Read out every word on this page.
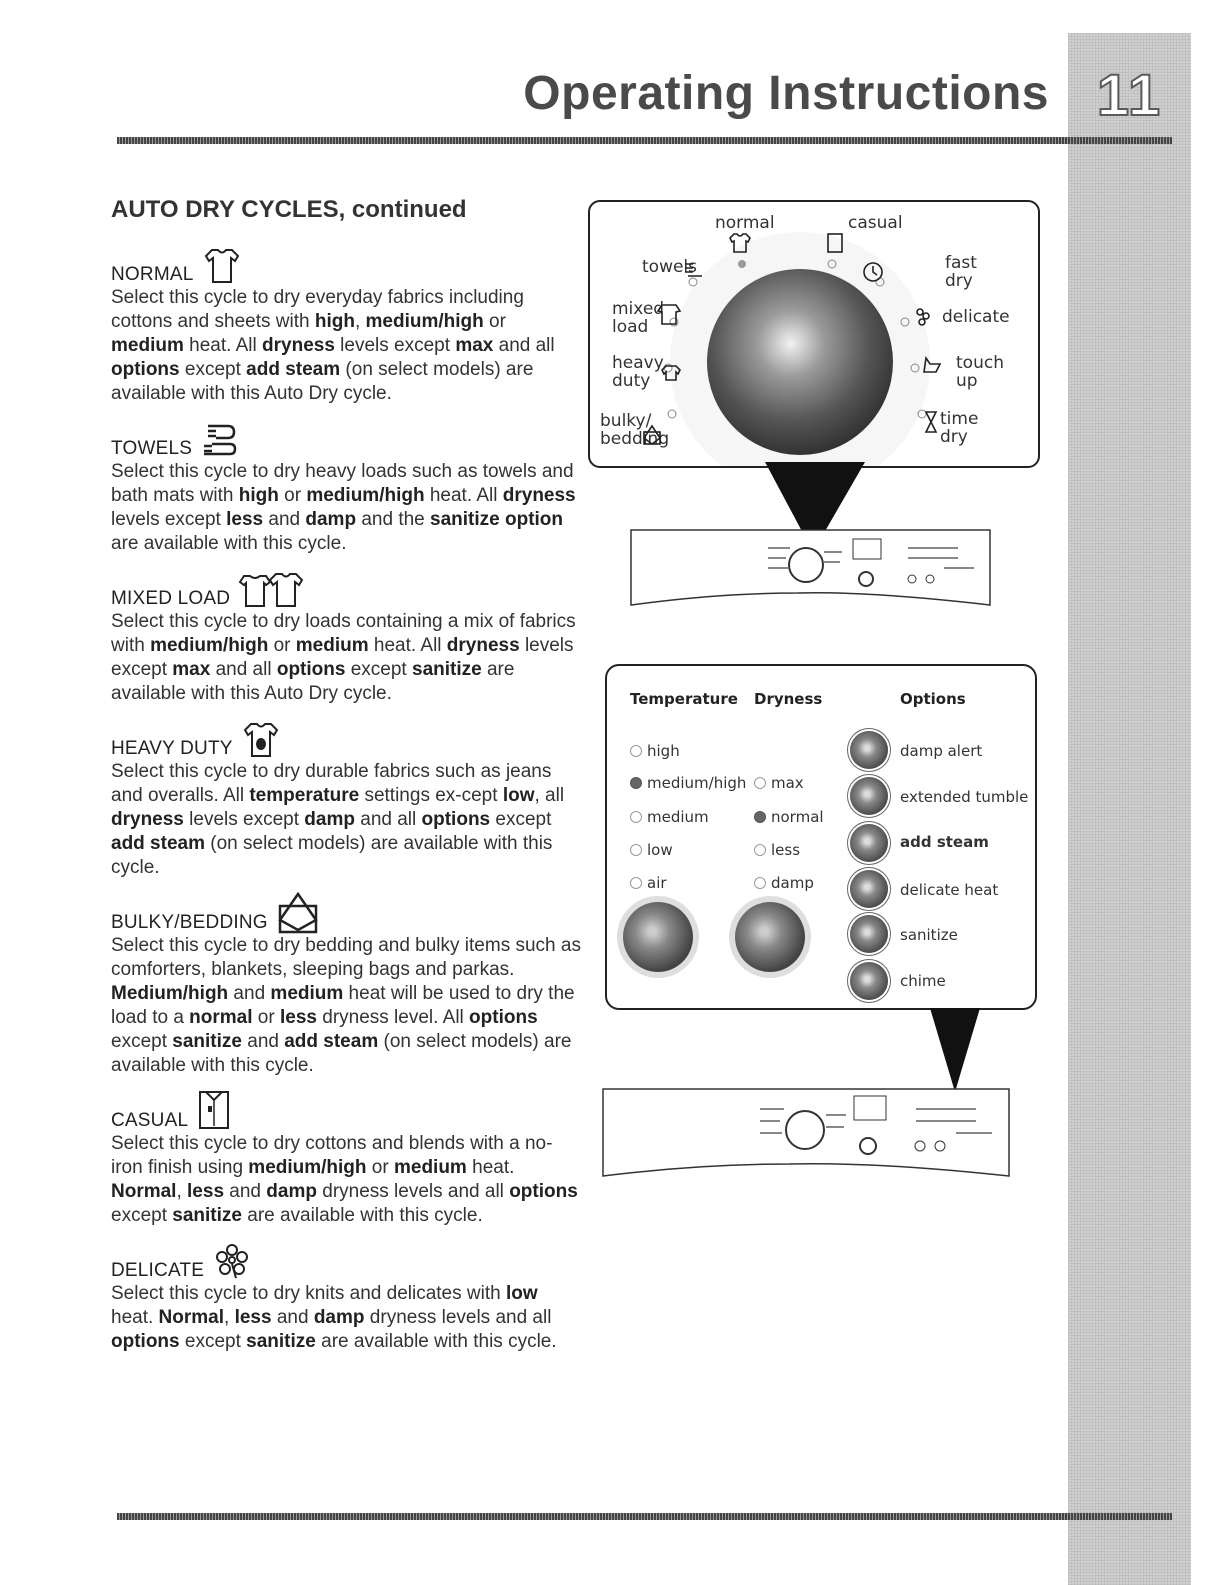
11
Operating Instructions
AUTO DRY CYCLES, continued
NORMAL
Select this cycle to dry everyday fabrics including cottons and sheets with high, medium/high or medium heat. All dryness levels except max and all options except add steam (on select models) are available with this Auto Dry cycle.
TOWELS
Select this cycle to dry heavy loads such as towels and bath mats with high or medium/high heat. All dryness levels except less and damp and the sanitize option are available with this cycle.
MIXED LOAD
Select this cycle to dry loads containing a mix of fabrics with medium/high or medium heat. All dryness levels except max and all options except sanitize are available with this Auto Dry cycle.
HEAVY DUTY
Select this cycle to dry durable fabrics such as jeans and overalls. All temperature settings ex-cept low, all dryness levels except damp and all options except add steam (on select models) are available with this cycle.
BULKY/BEDDING
Select this cycle to dry bedding and bulky items such as comforters, blankets, sleeping bags and parkas. Medium/high and medium heat will be used to dry the load to a normal or less dryness level. All options except sanitize and add steam (on select models) are available with this cycle.
CASUAL
Select this cycle to dry cottons and blends with a no-iron finish using medium/high or medium heat. Normal, less and damp dryness levels and all options except sanitize are available with this cycle.
DELICATE
Select this cycle to dry knits and delicates with low heat. Normal, less and damp dryness levels and all options except sanitize are available with this cycle.
normal	casual
towels
mixed
load
heavy
duty
bulky/
bedding
fast
dry
delicate
touch
up
time
dry
Temperature Dryness	Options
high
medium/high
medium
low
air
max
normal
less
damp
damp alert
extended tumble
add steam
delicate heat
sanitize
chime
